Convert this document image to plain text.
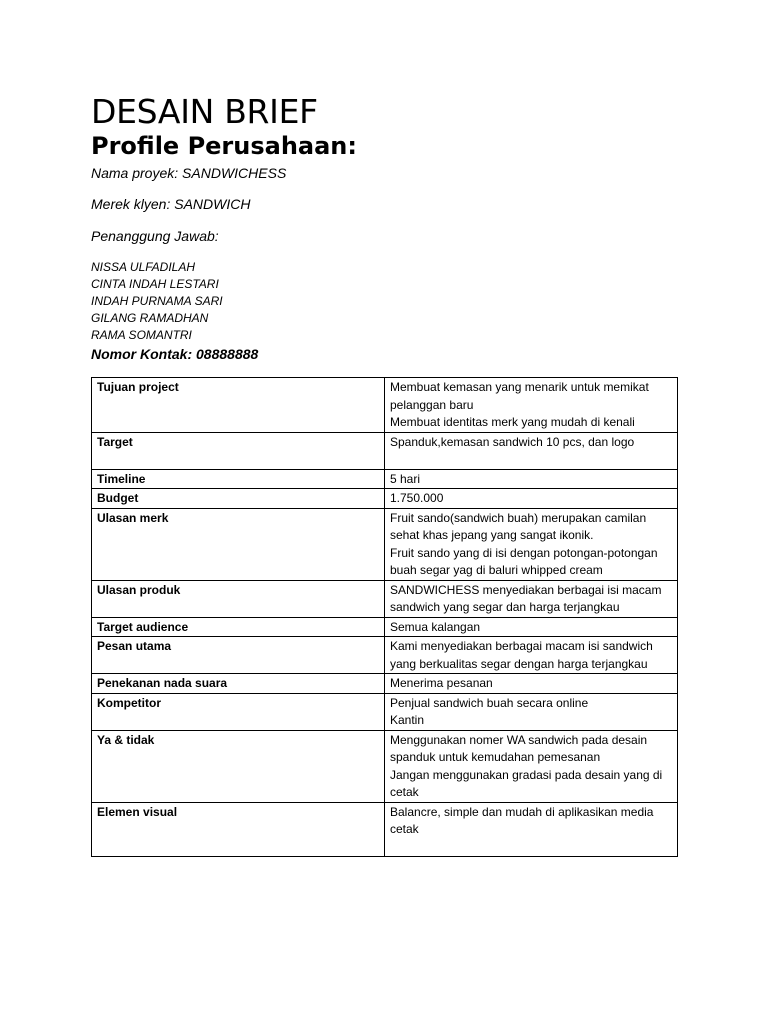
DESAIN BRIEF
Profile Perusahaan:

Nama proyek: SANDWICHESS

Merek klyen: SANDWICH

Penanggung Jawab:

NISSA ULFADILAH
CINTA INDAH LESTARI
INDAH PURNAMA SARI
GILANG RAMADHAN
RAMA SOMANTRI

Nomor Kontak: 08888888

Tujuan project	Membuat kemasan yang menarik untuk memikat pelanggan baru
Membuat identitas merk yang mudah di kenali

Target	Spanduk,kemasan sandwich 10 pcs, dan logo

Timeline	5 hari

Budget	1.750.000

Ulasan merk	Fruit sando(sandwich buah) merupakan camilan sehat khas jepang yang sangat ikonik.
Fruit sando yang di isi dengan potongan-potongan buah segar yag di baluri whipped cream

Ulasan produk	SANDWICHESS menyediakan berbagai isi macam sandwich yang segar dan harga terjangkau

Target audience	Semua kalangan

Pesan utama	Kami menyediakan berbagai macam isi sandwich yang berkualitas segar dengan harga terjangkau

Penekanan nada suara	Menerima pesanan

Kompetitor	Penjual sandwich buah secara online
Kantin

Ya & tidak	Menggunakan nomer WA sandwich pada desain spanduk untuk kemudahan pemesanan
Jangan menggunakan gradasi pada desain yang di cetak

Elemen visual	Balancre, simple dan mudah di aplikasikan media cetak
